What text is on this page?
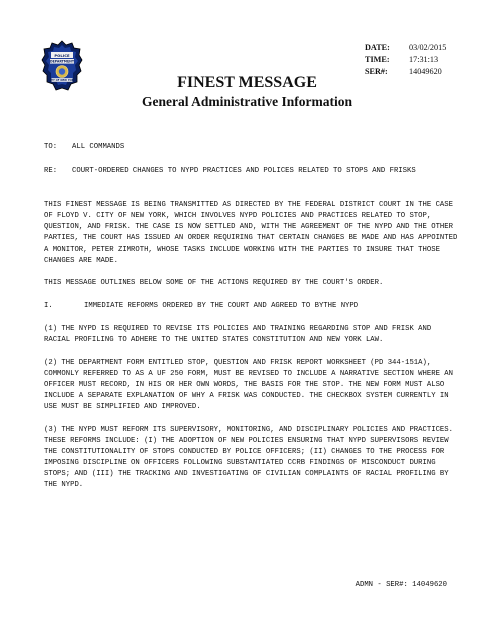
POLICE
DEPARTMENT
CITY OF NEW YORK
DATE:	03/02/2015
TIME:	17:31:13
SER#:	14049620
FINEST MESSAGE
General Administrative Information
TO:	ALL COMMANDS
RE:	COURT-ORDERED CHANGES TO NYPD PRACTICES AND POLICES RELATED TO STOPS AND FRISKS

THIS FINEST MESSAGE IS BEING TRANSMITTED AS DIRECTED BY THE FEDERAL DISTRICT COURT IN THE CASE OF FLOYD V. CITY OF NEW YORK, WHICH INVOLVES NYPD POLICIES AND PRACTICES RELATED TO STOP, QUESTION, AND FRISK. THE CASE IS NOW SETTLED AND, WITH THE AGREEMENT OF THE NYPD AND THE OTHER PARTIES, THE COURT HAS ISSUED AN ORDER REQUIRING THAT CERTAIN CHANGES BE MADE AND HAS APPOINTED A MONITOR, PETER ZIMROTH, WHOSE TASKS INCLUDE WORKING WITH THE PARTIES TO INSURE THAT THOSE CHANGES ARE MADE.

THIS MESSAGE OUTLINES BELOW SOME OF THE ACTIONS REQUIRED BY THE COURT'S ORDER.

I.	IMMEDIATE REFORMS ORDERED BY THE COURT AND AGREED TO BYTHE NYPD

(1) THE NYPD IS REQUIRED TO REVISE ITS POLICIES AND TRAINING REGARDING STOP AND FRISK AND RACIAL PROFILING TO ADHERE TO THE UNITED STATES CONSTITUTION AND NEW YORK LAW.

(2) THE DEPARTMENT FORM ENTITLED STOP, QUESTION AND FRISK REPORT WORKSHEET (PD 344-151A), COMMONLY REFERRED TO AS A UF 250 FORM, MUST BE REVISED TO INCLUDE A NARRATIVE SECTION WHERE AN OFFICER MUST RECORD, IN HIS OR HER OWN WORDS, THE BASIS FOR THE STOP. THE NEW FORM MUST ALSO INCLUDE A SEPARATE EXPLANATION OF WHY A FRISK WAS CONDUCTED. THE CHECKBOX SYSTEM CURRENTLY IN USE MUST BE SIMPLIFIED AND IMPROVED.

(3) THE NYPD MUST REFORM ITS SUPERVISORY, MONITORING, AND DISCIPLINARY POLICIES AND PRACTICES. THESE REFORMS INCLUDE: (I) THE ADOPTION OF NEW POLICIES ENSURING THAT NYPD SUPERVISORS REVIEW THE CONSTITUTIONALITY OF STOPS CONDUCTED BY POLICE OFFICERS; (II) CHANGES TO THE PROCESS FOR IMPOSING DISCIPLINE ON OFFICERS FOLLOWING SUBSTANTIATED CCRB FINDINGS OF MISCONDUCT DURING STOPS; AND (III) THE TRACKING AND INVESTIGATING OF CIVILIAN COMPLAINTS OF RACIAL PROFILING BY THE NYPD.

ADMN - SER#: 14049620
